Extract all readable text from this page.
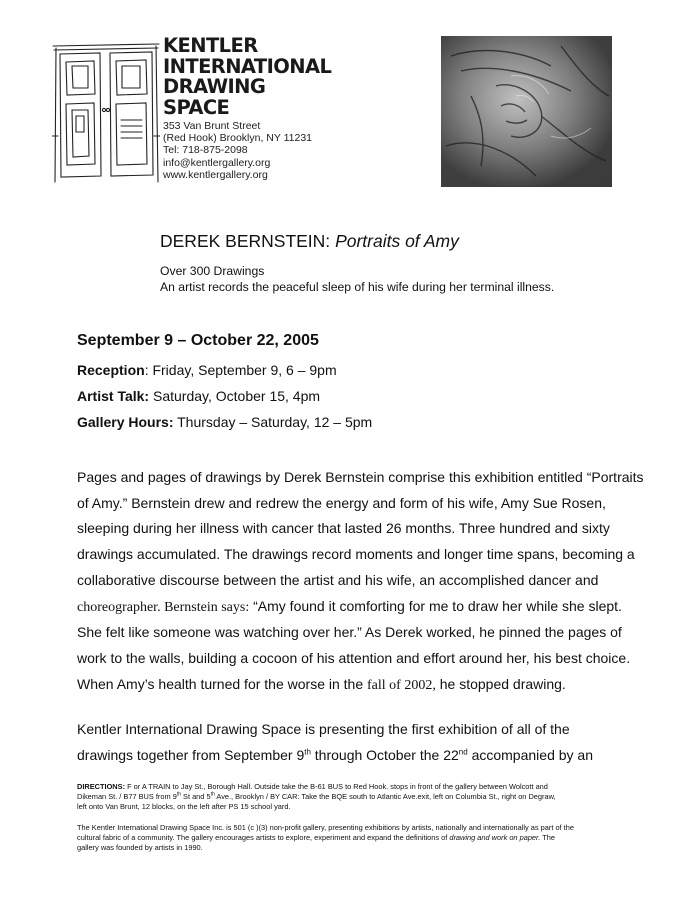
KENTLER
INTERNATIONAL
DRAWING
SPACE
353 Van Brunt Street
(Red Hook) Brooklyn, NY 11231
Tel: 718-875-2098
info@kentlergallery.org
www.kentlergallery.org
DEREK BERNSTEIN: Portraits of Amy
Over 300 Drawings
An artist records the peaceful sleep of his wife during her terminal illness.
September 9 – October 22, 2005
Reception: Friday, September 9, 6 – 9pm
Artist Talk: Saturday, October 15, 4pm
Gallery Hours: Thursday – Saturday, 12 – 5pm
Pages and pages of drawings by Derek Bernstein comprise this exhibition entitled “Portraits
of Amy.” Bernstein drew and redrew the energy and form of his wife, Amy Sue Rosen,
sleeping during her illness with cancer that lasted 26 months. Three hundred and sixty
drawings accumulated. The drawings record moments and longer time spans, becoming a
collaborative discourse between the artist and his wife, an accomplished dancer and
choreographer. Bernstein says: “Amy found it comforting for me to draw her while she slept.
She felt like someone was watching over her.” As Derek worked, he pinned the pages of
work to the walls, building a cocoon of his attention and effort around her, his best choice.
When Amy’s health turned for the worse in the fall of 2002, he stopped drawing.
Kentler International Drawing Space is presenting the first exhibition of all of the
drawings together from September 9th through October the 22nd accompanied by an
DIRECTIONS: F or A TRAIN to Jay St., Borough Hall. Outside take the B-61 BUS to Red Hook. stops in front of the gallery between Wolcott and
Dikeman St. / B77 BUS from 9th St and 5th Ave., Brooklyn / BY CAR: Take the BQE south to Atlantic Ave.exit, left on Columbia St., right on Degraw,
left onto Van Brunt, 12 blocks, on the left after PS 15 school yard.
The Kentler International Drawing Space Inc. is 501 (c )(3) non-profit gallery, presenting exhibitions by artists, nationally and internationally as part of the
cultural fabric of a community. The gallery encourages artists to explore, experiment and expand the definitions of drawing and work on paper. The
gallery was founded by artists in 1990.
